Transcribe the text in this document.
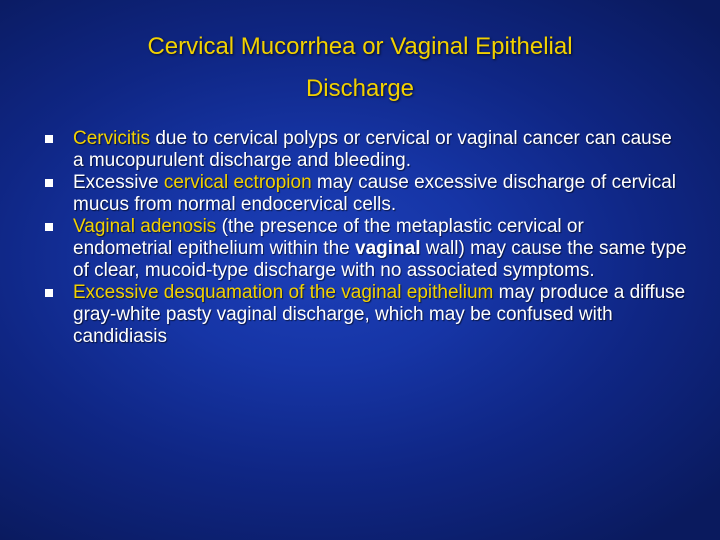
Cervical Mucorrhea or Vaginal Epithelial
Discharge
Cervicitis due to cervical polyps or cervical or vaginal cancer can cause a mucopurulent discharge and bleeding.
Excessive cervical ectropion may cause excessive discharge of cervical mucus from normal endocervical cells.
Vaginal adenosis (the presence of the metaplastic cervical or endometrial epithelium within the vaginal wall) may cause the same type of clear, mucoid-type discharge with no associated symptoms.
Excessive desquamation of the vaginal epithelium may produce a diffuse gray-white pasty vaginal discharge, which may be confused with candidiasis
